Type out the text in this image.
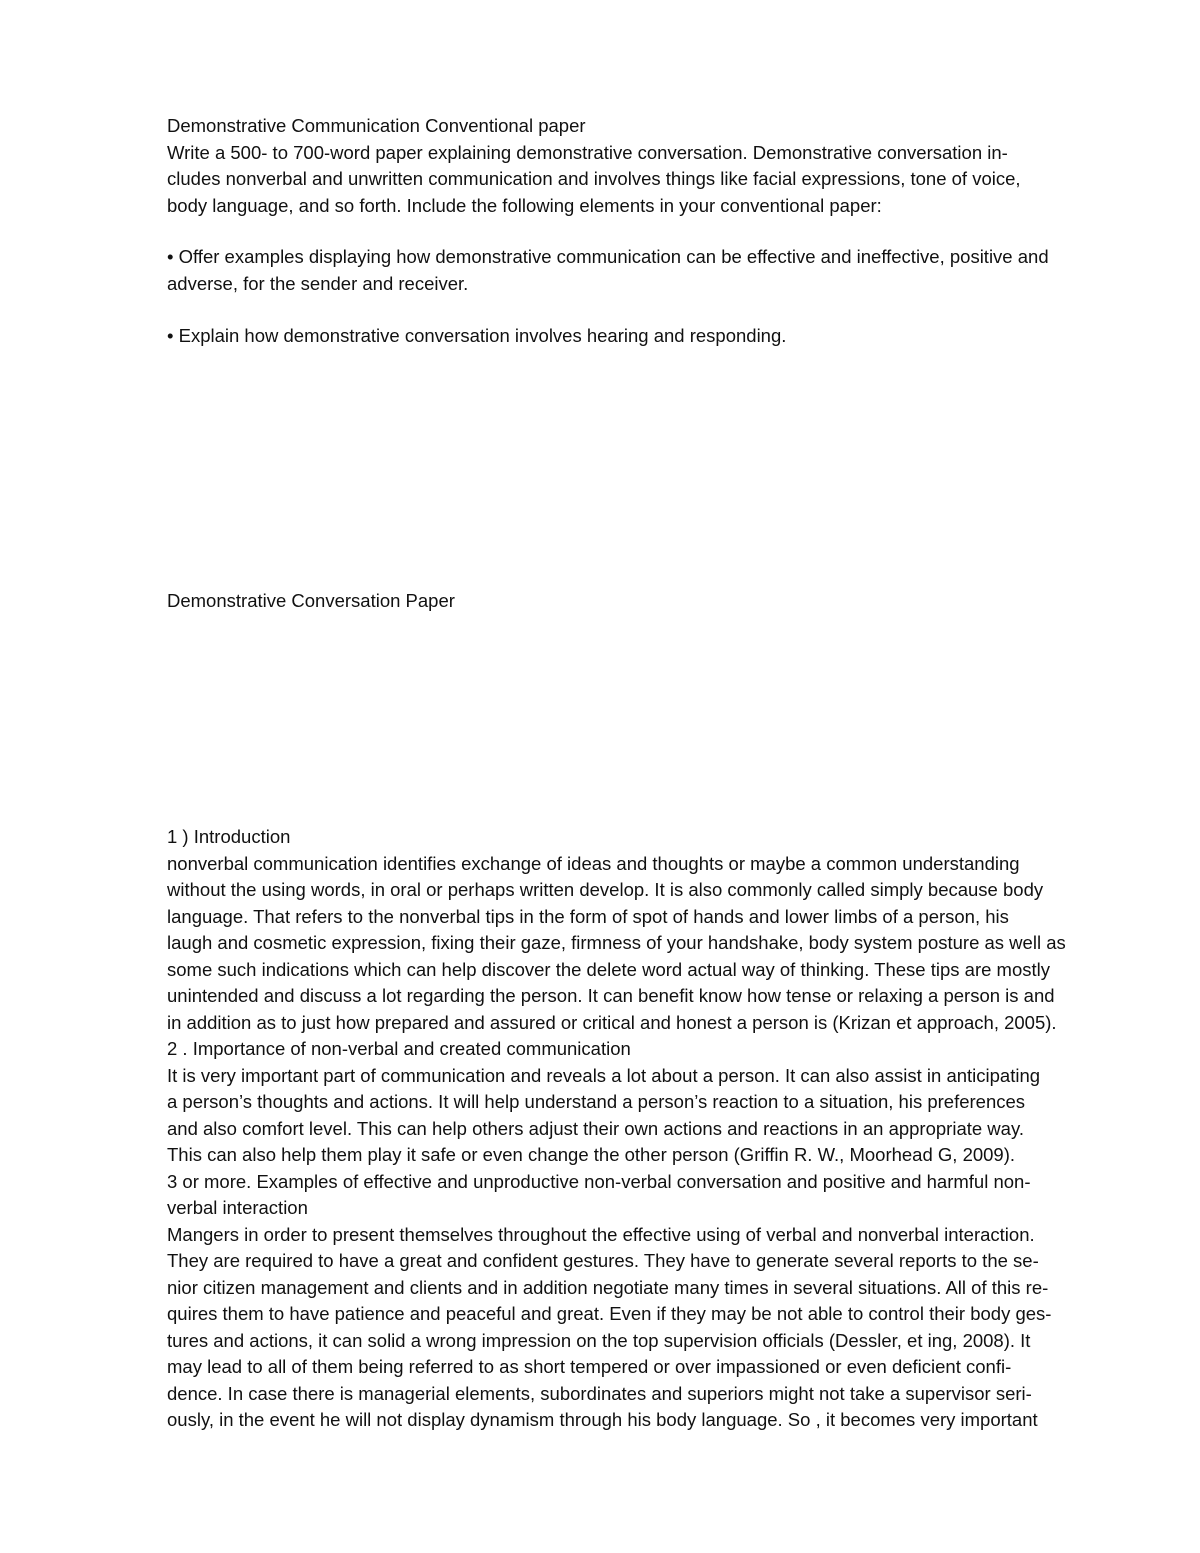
Demonstrative Communication Conventional paper
Write a 500- to 700-word paper explaining demonstrative conversation. Demonstrative conversation in-
cludes nonverbal and unwritten communication and involves things like facial expressions, tone of voice,
body language, and so forth. Include the following elements in your conventional paper:
• Offer examples displaying how demonstrative communication can be effective and ineffective, positive and
adverse, for the sender and receiver.
• Explain how demonstrative conversation involves hearing and responding.
Demonstrative Conversation Paper
1 ) Introduction
nonverbal communication identifies exchange of ideas and thoughts or maybe a common understanding
without the using words, in oral or perhaps written develop. It is also commonly called simply because body
language. That refers to the nonverbal tips in the form of spot of hands and lower limbs of a person, his
laugh and cosmetic expression, fixing their gaze, firmness of your handshake, body system posture as well as
some such indications which can help discover the delete word actual way of thinking. These tips are mostly
unintended and discuss a lot regarding the person. It can benefit know how tense or relaxing a person is and
in addition as to just how prepared and assured or critical and honest a person is (Krizan et approach, 2005).
2 . Importance of non-verbal and created communication
It is very important part of communication and reveals a lot about a person. It can also assist in anticipating
a person’s thoughts and actions. It will help understand a person’s reaction to a situation, his preferences
and also comfort level. This can help others adjust their own actions and reactions in an appropriate way.
This can also help them play it safe or even change the other person (Griffin R. W., Moorhead G, 2009).
3 or more. Examples of effective and unproductive non-verbal conversation and positive and harmful non-
verbal interaction
Mangers in order to present themselves throughout the effective using of verbal and nonverbal interaction.
They are required to have a great and confident gestures. They have to generate several reports to the se-
nior citizen management and clients and in addition negotiate many times in several situations. All of this re-
quires them to have patience and peaceful and great. Even if they may be not able to control their body ges-
tures and actions, it can solid a wrong impression on the top supervision officials (Dessler, et ing, 2008). It
may lead to all of them being referred to as short tempered or over impassioned or even deficient confi-
dence. In case there is managerial elements, subordinates and superiors might not take a supervisor seri-
ously, in the event he will not display dynamism through his body language. So , it becomes very important
